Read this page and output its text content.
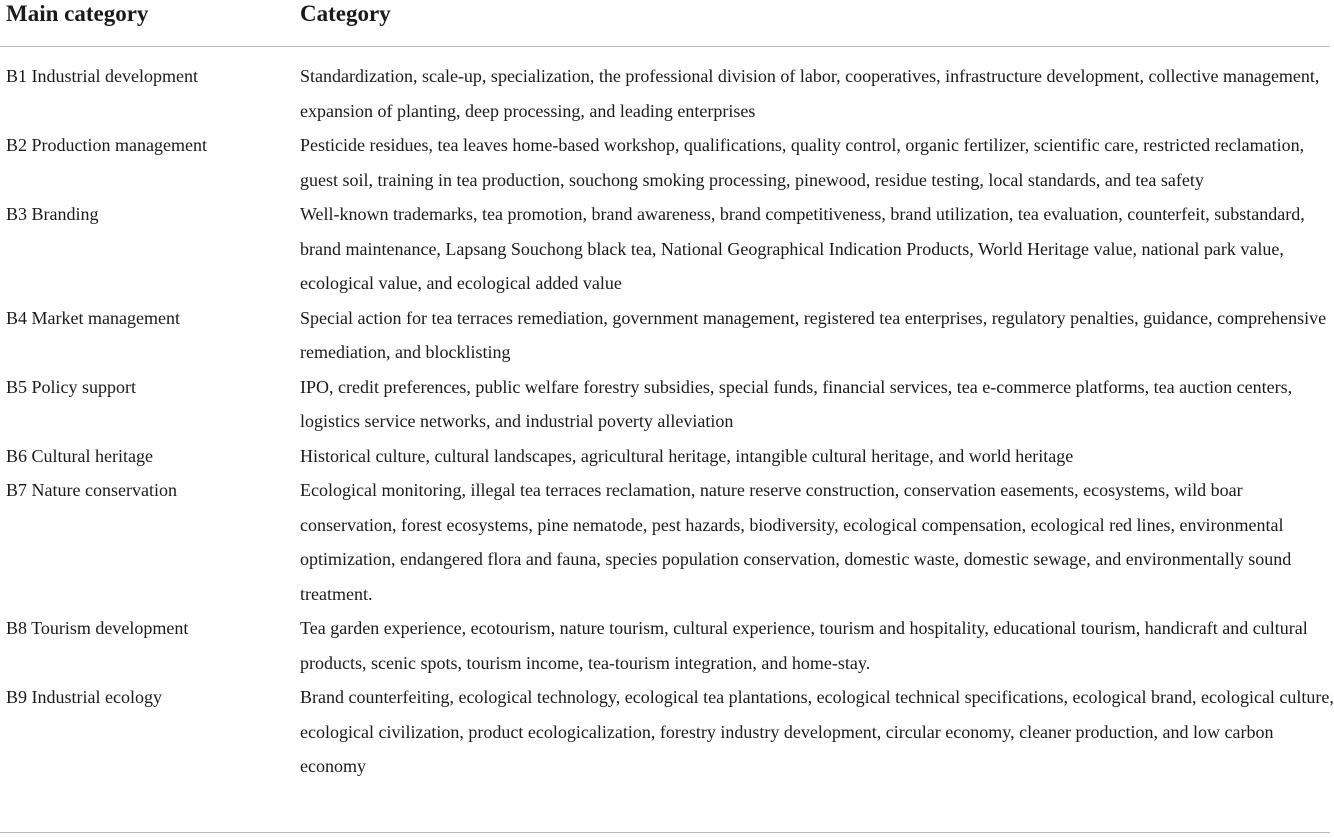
Main category	Category
B1 Industrial development	Standardization, scale-up, specialization, the professional division of labor, cooperatives, infrastructure development, collective management, expansion of planting, deep processing, and leading enterprises
B2 Production management	Pesticide residues, tea leaves home-based workshop, qualifications, quality control, organic fertilizer, scientific care, restricted reclamation, guest soil, training in tea production, souchong smoking processing, pinewood, residue testing, local standards, and tea safety
B3 Branding	Well-known trademarks, tea promotion, brand awareness, brand competitiveness, brand utilization, tea evaluation, counterfeit, substandard, brand maintenance, Lapsang Souchong black tea, National Geographical Indication Products, World Heritage value, national park value, ecological value, and ecological added value
B4 Market management	Special action for tea terraces remediation, government management, registered tea enterprises, regulatory penalties, guidance, comprehensive remediation, and blocklisting
B5 Policy support	IPO, credit preferences, public welfare forestry subsidies, special funds, financial services, tea e-commerce platforms, tea auction centers, logistics service networks, and industrial poverty alleviation
B6 Cultural heritage	Historical culture, cultural landscapes, agricultural heritage, intangible cultural heritage, and world heritage
B7 Nature conservation	Ecological monitoring, illegal tea terraces reclamation, nature reserve construction, conservation easements, ecosystems, wild boar conservation, forest ecosystems, pine nematode, pest hazards, biodiversity, ecological compensation, ecological red lines, environmental optimization, endangered flora and fauna, species population conservation, domestic waste, domestic sewage, and environmentally sound treatment.
B8 Tourism development	Tea garden experience, ecotourism, nature tourism, cultural experience, tourism and hospitality, educational tourism, handicraft and cultural products, scenic spots, tourism income, tea-tourism integration, and home-stay.
B9 Industrial ecology	Brand counterfeiting, ecological technology, ecological tea plantations, ecological technical specifications, ecological brand, ecological culture, ecological civilization, product ecologicalization, forestry industry development, circular economy, cleaner production, and low carbon economy
